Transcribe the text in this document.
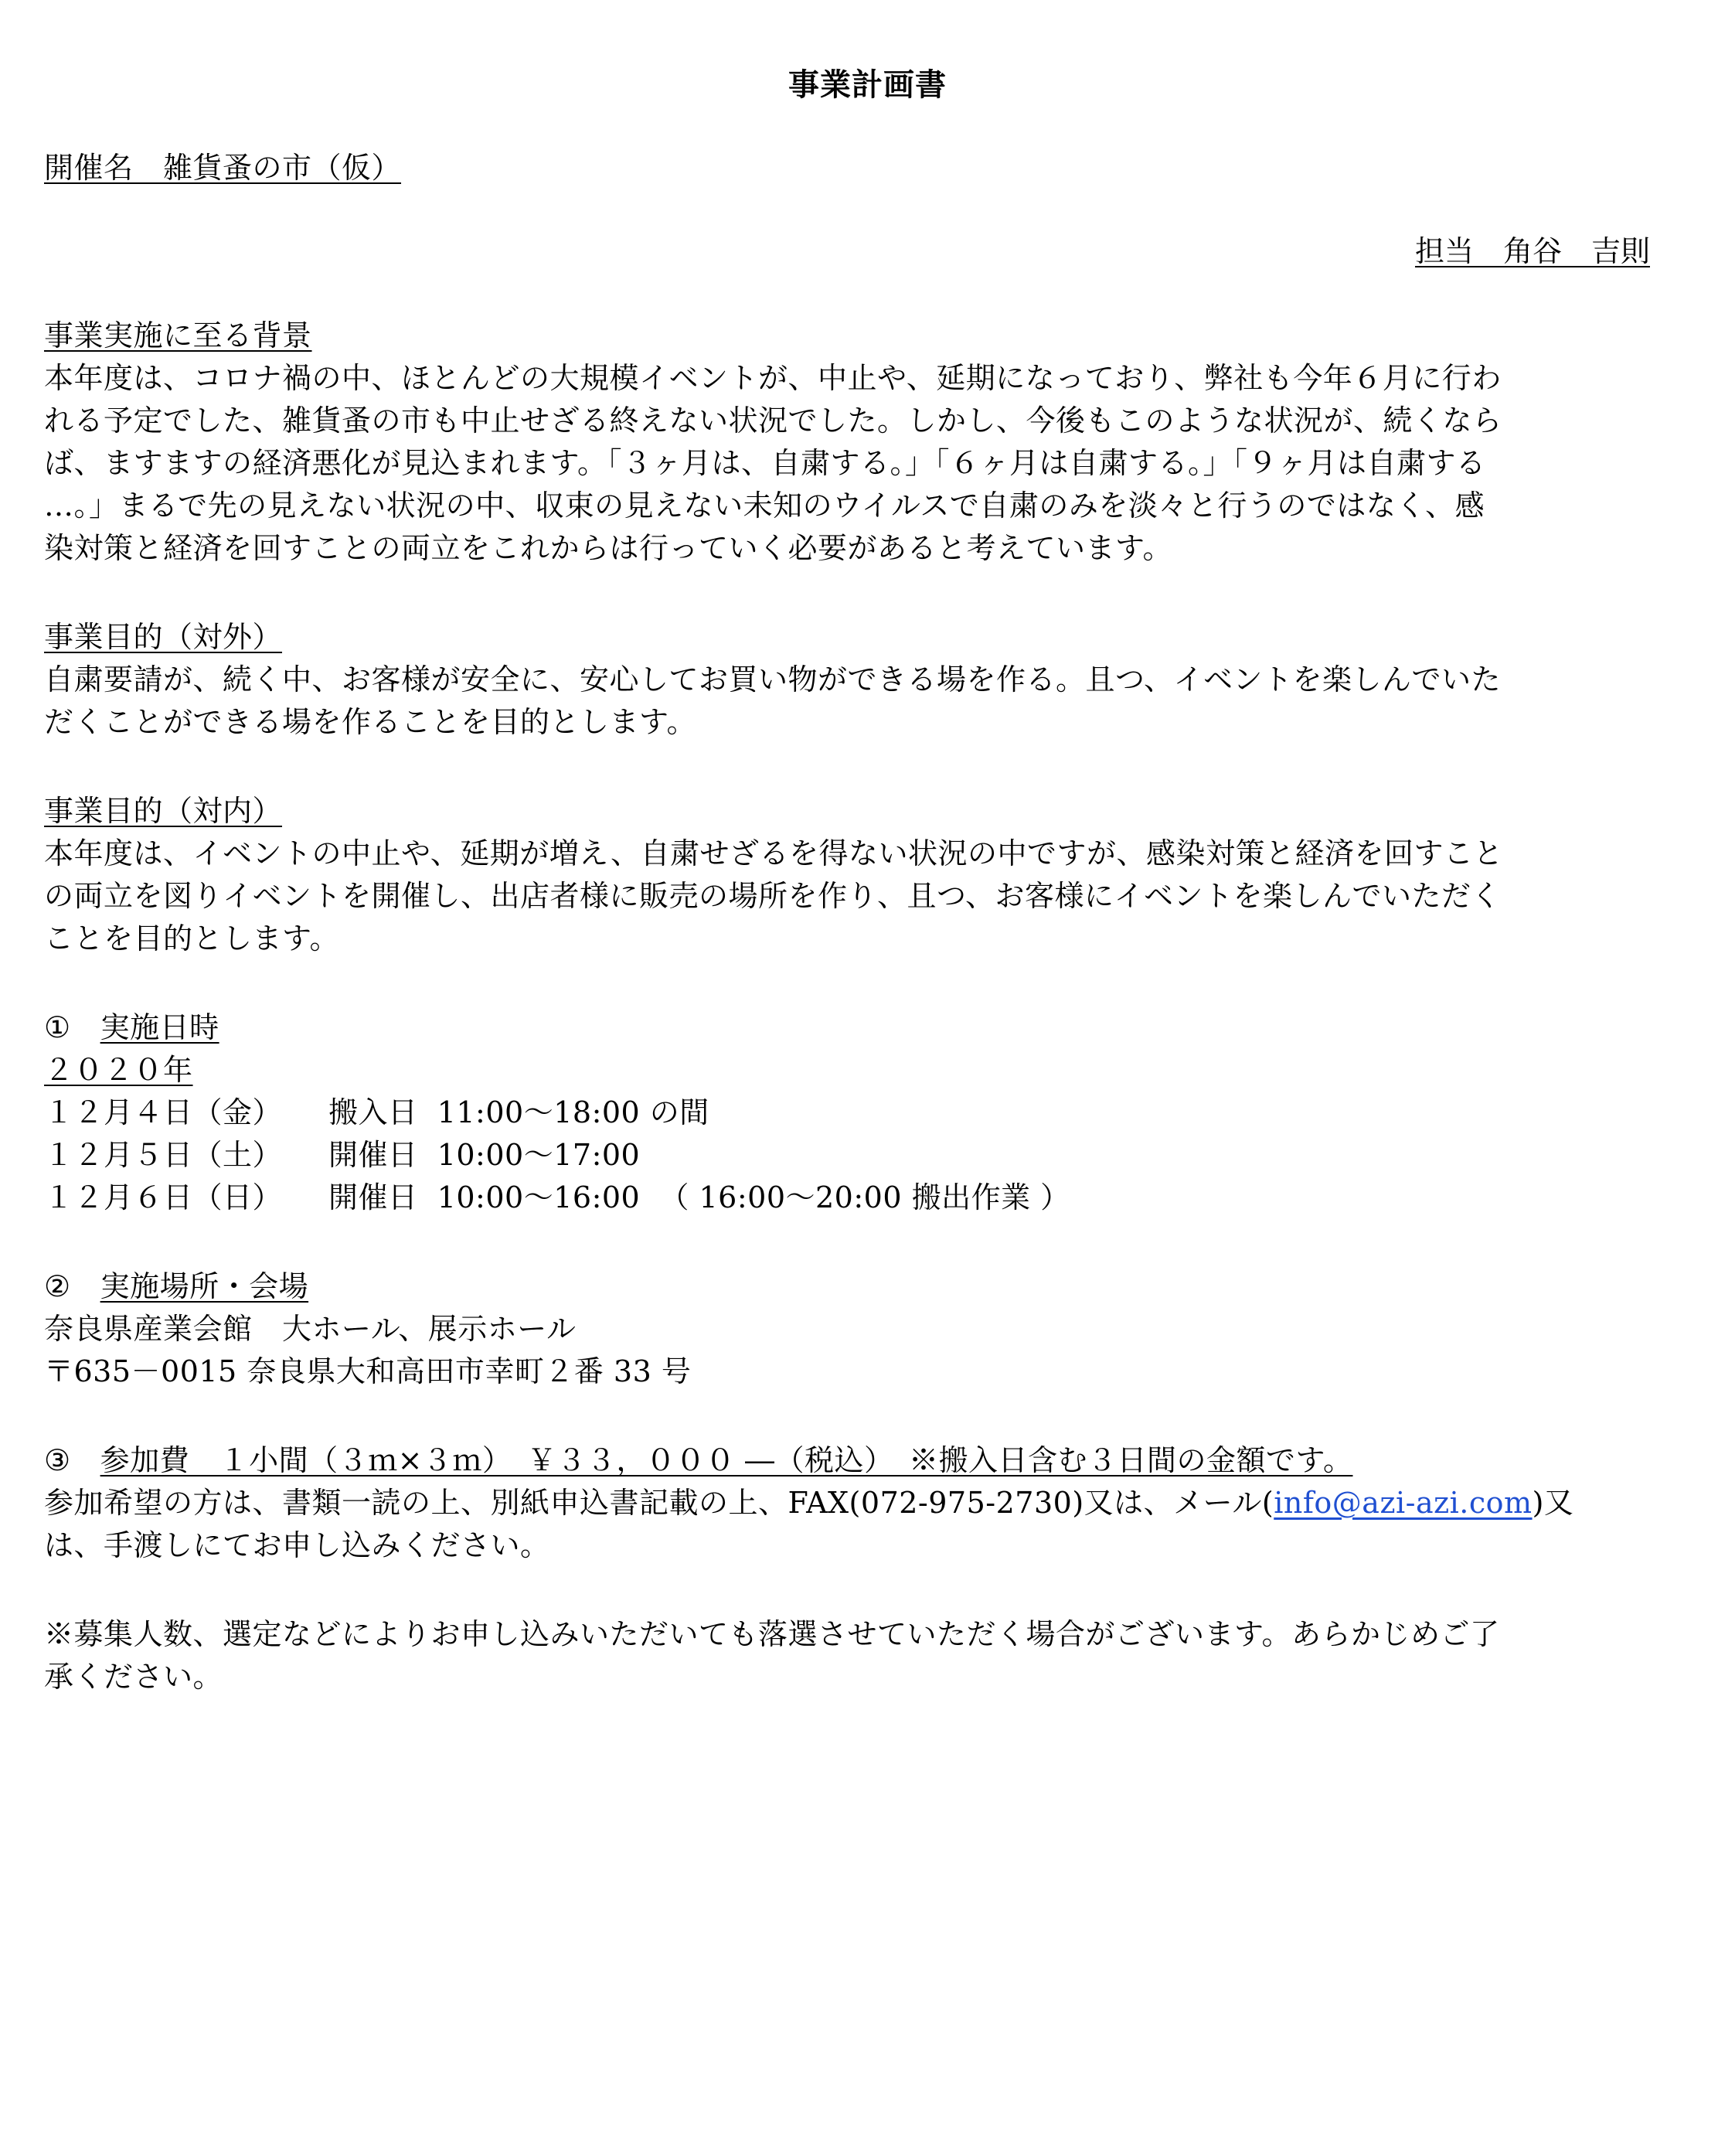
事業計画書
開催名　雑貨蚤の市（仮）
担当　角谷　吉則
事業実施に至る背景
本年度は、コロナ禍の中、ほとんどの大規模イベントが、中止や、延期になっており、弊社も今年６月に行わ
れる予定でした、雑貨蚤の市も中止せざる終えない状況でした。しかし、今後もこのような状況が、続くなら
ば、ますますの経済悪化が見込まれます。「３ヶ月は、自粛する。」「６ヶ月は自粛する。」「９ヶ月は自粛する
…。」まるで先の見えない状況の中、収束の見えない未知のウイルスで自粛のみを淡々と行うのではなく、感
染対策と経済を回すことの両立をこれからは行っていく必要があると考えています。
事業目的（対外）
自粛要請が、続く中、お客様が安全に、安心してお買い物ができる場を作る。且つ、イベントを楽しんでいた
だくことができる場を作ることを目的とします。
事業目的（対内）
本年度は、イベントの中止や、延期が増え、自粛せざるを得ない状況の中ですが、感染対策と経済を回すこと
の両立を図りイベントを開催し、出店者様に販売の場所を作り、且つ、お客様にイベントを楽しんでいただく
ことを目的とします。
① 実施日時
２０２０年
１２月４日（金） 搬入日 11:00～18:00 の間
１２月５日（土） 開催日 10:00～17:00
１２月６日（日） 開催日 10:00～16:00 （ 16:00～20:00 搬出作業 ）
② 実施場所・会場
奈良県産業会館　大ホール、展示ホール
〒635－0015 奈良県大和高田市幸町２番 33 号
③ 参加費　１小間（３ｍ×３ｍ）　￥３３，０００ ―（税込）　※搬入日含む３日間の金額です。
参加希望の方は、書類一読の上、別紙申込書記載の上、FAX(072-975-2730)又は、メール(info@azi-azi.com)又
は、手渡しにてお申し込みください。
※募集人数、選定などによりお申し込みいただいても落選させていただく場合がございます。あらかじめご了
承ください。
